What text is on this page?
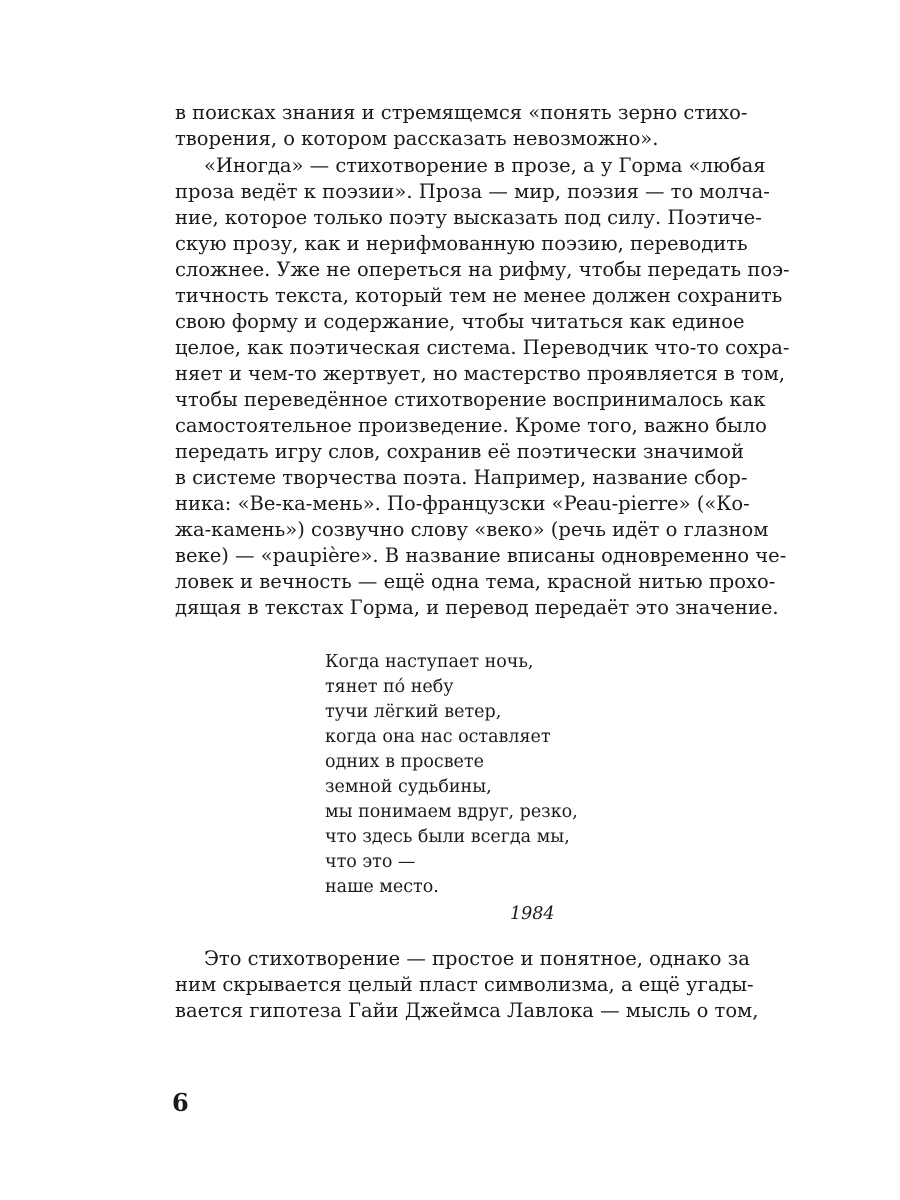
в поисках знания и стремящемся «понять зерно стихо-
творения, о котором рассказать невозможно».
«Иногда» — стихотворение в прозе, а у Горма «любая
проза ведёт к поэзии». Проза — мир, поэзия — то молча-
ние, которое только поэту высказать под силу. Поэтиче-
скую прозу, как и нерифмованную поэзию, переводить
сложнее. Уже не опереться на рифму, чтобы передать поэ-
тичность текста, который тем не менее должен сохранить
свою форму и содержание, чтобы читаться как единое
целое, как поэтическая система. Переводчик что-то сохра-
няет и чем-то жертвует, но мастерство проявляется в том,
чтобы переведённое стихотворение воспринималось как
самостоятельное произведение. Кроме того, важно было
передать игру слов, сохранив её поэтически значимой
в системе творчества поэта. Например, название сбор-
ника: «Ве-ка-мень». По-французски «Peau-pierre» («Ко-
жа-камень») созвучно слову «веко» (речь идёт о глазном
веке) — «paupière». В название вписаны одновременно че-
ловек и вечность — ещё одна тема, красной нитью прохо-
дящая в текстах Горма, и перевод передаёт это значение.
Когда наступает ночь,
тянет по́ небу
тучи лёгкий ветер,
когда она нас оставляет
одних в просвете
земной судьбины,
мы понимаем вдруг, резко,
что здесь были всегда мы,
что это —
наше место.
1984
Это стихотворение — простое и понятное, однако за
ним скрывается целый пласт символизма, а ещё угады-
вается гипотеза Гайи Джеймса Лавлока — мысль о том,
6
